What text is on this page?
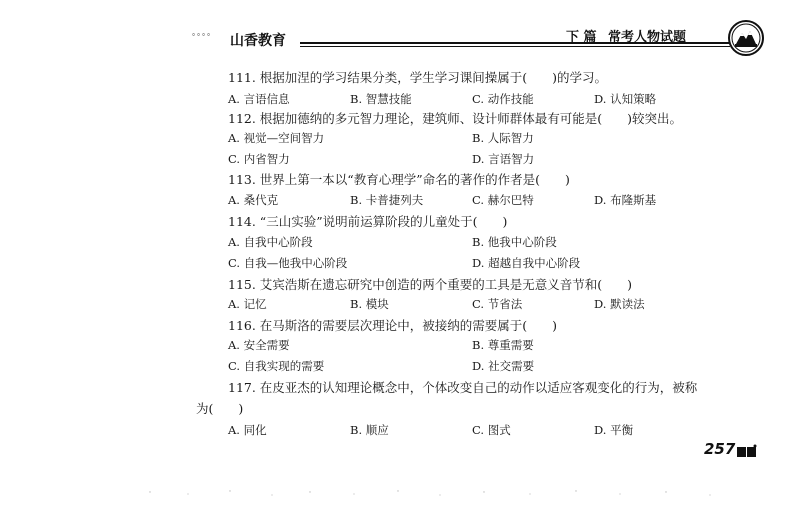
ﾟﾟﾟﾟ 山香教育	下 篇 常考人物试题
111. 根据加涅的学习结果分类，学生学习课间操属于(　　)的学习。
A. 言语信息	B. 智慧技能	C. 动作技能	D. 认知策略
112. 根据加德纳的多元智力理论，建筑师、设计师群体最有可能是(　　)较突出。
A. 视觉—空间智力	B. 人际智力
C. 内省智力	D. 言语智力
113. 世界上第一本以“教育心理学”命名的著作的作者是(　　)
A. 桑代克	B. 卡普捷列夫	C. 赫尔巴特	D. 布隆斯基
114. “三山实验”说明前运算阶段的儿童处于(　　)
A. 自我中心阶段	B. 他我中心阶段
C. 自我—他我中心阶段	D. 超越自我中心阶段
115. 艾宾浩斯在遗忘研究中创造的两个重要的工具是无意义音节和(　　)
A. 记忆	B. 模块	C. 节省法	D. 默读法
116. 在马斯洛的需要层次理论中，被接纳的需要属于(　　)
A. 安全需要	B. 尊重需要
C. 自我实现的需要	D. 社交需要
117. 在皮亚杰的认知理论概念中，个体改变自己的动作以适应客观变化的行为，被称
为(　　)
A. 同化	B. 顺应	C. 图式	D. 平衡
257
